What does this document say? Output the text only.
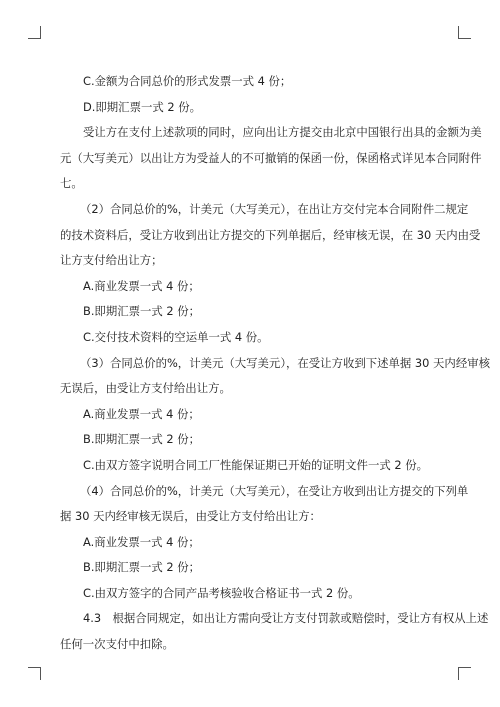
C.金额为合同总价的形式发票一式 4 份；
D.即期汇票一式 2 份。
受让方在支付上述款项的同时，应向出让方提交由北京中国银行出具的金额为美
元（大写美元）以出让方为受益人的不可撤销的保函一份，保函格式详见本合同附件
七。
（2）合同总价的%，计美元（大写美元），在出让方交付完本合同附件二规定
的技术资料后，受让方收到出让方提交的下列单据后，经审核无误，在 30 天内由受
让方支付给出让方；
A.商业发票一式 4 份；
B.即期汇票一式 2 份；
C.交付技术资料的空运单一式 4 份。
（3）合同总价的%，计美元（大写美元），在受让方收到下述单据 30 天内经审核
无误后，由受让方支付给出让方。
A.商业发票一式 4 份；
B.即期汇票一式 2 份；
C.由双方签字说明合同工厂性能保证期已开始的证明文件一式 2 份。
（4）合同总价的%，计美元（大写美元），在受让方收到出让方提交的下列单
据 30 天内经审核无误后，由受让方支付给出让方：
A.商业发票一式 4 份；
B.即期汇票一式 2 份；
C.由双方签字的合同产品考核验收合格证书一式 2 份。
4.3　根据合同规定，如出让方需向受让方支付罚款或赔偿时，受让方有权从上述
任何一次支付中扣除。
